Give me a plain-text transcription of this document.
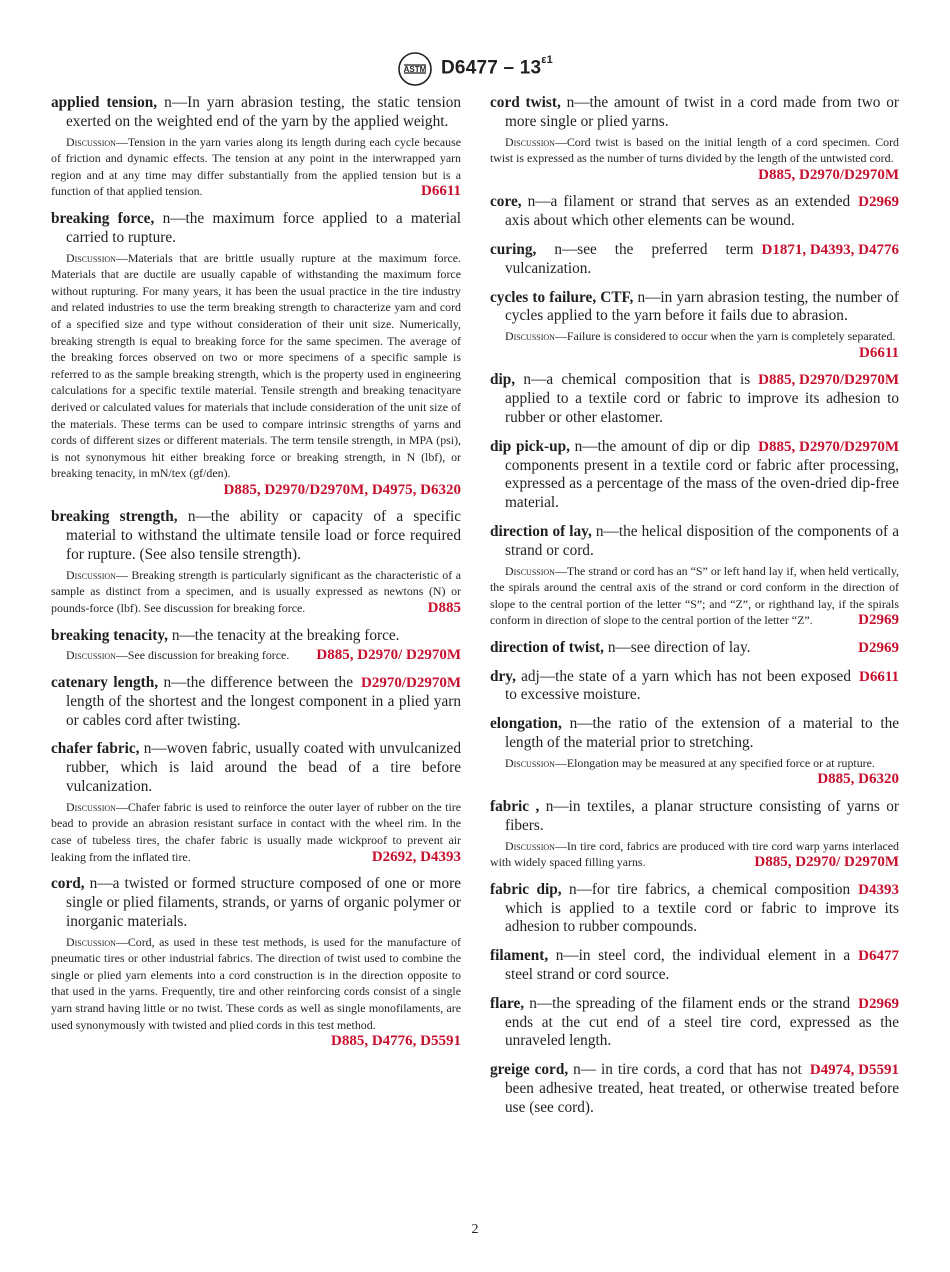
ASTM $D6477 - 13^{\varepsilon 1}$

applied tension, n—In yarn abrasion testing, the static tension exerted on the weighted end of the yarn by the applied weight.

Discussion—Tension in the yarn varies along its length during each cycle because of friction and dynamic effects. The tension at any point in the interwrapped yarn region and at any time may differ substantially from the applied tension but is a function of that applied tension.	D6611

breaking force, n—the maximum force applied to a material carried to rupture.

Discussion—Materials that are brittle usually rupture at the maximum force. Materials that are ductile are usually capable of withstanding the maximum force without rupturing. For many years, it has been the usual practice in the tire industry and related industries to use the term breaking strength to characterize yarn and cord of a specified size and type without consideration of their unit size. Numerically, breaking strength is equal to breaking force for the same specimen. The average of the breaking forces observed on two or more specimens of a specific sample is referred to as the sample breaking strength, which is the property used in engineering calculations for a specific textile material. Tensile strength and breaking tenacityare derived or calculated values for materials that include consideration of the unit size of the materials. These terms can be used to compare intrinsic strengths of yarns and cords of different sizes or different materials. The term tensile strength, in MPA (psi), is not synonymous hit either breaking force or breaking strength, in N (lbf), or breaking tenacity, in mN/tex (gf/den).
D885, D2970/D2970M, D4975, D6320

breaking strength, n—the ability or capacity of a specific material to withstand the ultimate tensile load or force required for rupture. (See also tensile strength).

Discussion— Breaking strength is particularly significant as the characteristic of a sample as distinct from a specimen, and is usually expressed as newtons (N) or pounds-force (lbf). See discussion for breaking force.	D885

breaking tenacity, n—the tenacity at the breaking force.

Discussion—See discussion for breaking force. D885, D2970/ D2970M

catenary length,	D2970/D2970M
n—the difference between the length of the shortest and the longest component in a plied yarn or cables cord after twisting.

chafer fabric, n—woven fabric, usually coated with unvulcanized rubber, which is laid around the bead of a tire before vulcanization.

Discussion—Chafer fabric is used to reinforce the outer layer of rubber on the tire bead to provide an abrasion resistant surface in contact with the wheel rim. In the case of tubeless tires, the chafer fabric is usually made wickproof to prevent air leaking from the inflated tire.	D2692, D4393

cord, n—a twisted or formed structure composed of one or more single or plied filaments, strands, or yarns of organic polymer or inorganic materials.

Discussion—Cord, as used in these test methods, is used for the manufacture of pneumatic tires or other industrial fabrics. The direction of twist used to combine the single or plied yarn elements into a cord construction is in the direction opposite to that used in the yarns. Frequently, tire and other reinforcing cords consist of a single yarn strand having little or no twist. These cords as well as single monofilaments, are used synonymously with twisted and plied cords in this test method.
D885, D4776, D5591

cord twist, n—the amount of twist in a cord made from two or more single or plied yarns.

Discussion—Cord twist is based on the initial length of a cord specimen. Cord twist is expressed as the number of turns divided by the length of the untwisted cord.
D885, D2970/D2970M

core,	D2969
n—a filament or strand that serves as an extended axis about which other elements can be wound.

curing,	D1871, D4393, D4776
n—see the preferred term vulcanization.

cycles to failure, CTF, n—in yarn abrasion testing, the number of cycles applied to the yarn before it fails due to abrasion.

Discussion—Failure is considered to occur when the yarn is completely separated.
D6611

dip,	D885, D2970/D2970M
n—a chemical composition that is applied to a textile cord or fabric to improve its adhesion to rubber or other elastomer.

dip pick-up,	D885, D2970/D2970M
n—the amount of dip or dip components present in a textile cord or fabric after processing, expressed as a percentage of the mass of the oven-dried dip-free material.

direction of lay, n—the helical disposition of the components of a strand or cord.

Discussion—The strand or cord has an “S” or left hand lay if, when held vertically, the spirals around the central axis of the strand or cord conform in the direction of slope to the central portion of the letter “S”; and “Z”, or righthand lay, if the spirals conform in direction of slope to the central portion of the letter “Z”.	D2969

direction of twist,	D2969
n—see direction of lay.

dry,	D6611
adj—the state of a yarn which has not been exposed to excessive moisture.

elongation, n—the ratio of the extension of a material to the length of the material prior to stretching.

Discussion—Elongation may be measured at any specified force or at rupture.
D885, D6320

fabric , n—in textiles, a planar structure consisting of yarns or fibers.

Discussion—In tire cord, fabrics are produced with tire cord warp yarns interlaced with widely spaced filling yarns.	D885, D2970/ D2970M

fabric dip,	D4393
n—for tire fabrics, a chemical composition which is applied to a textile cord or fabric to improve its adhesion to rubber compounds.

filament,	D6477
n—in steel cord, the individual element in a steel strand or cord source.

flare,	D2969
n—the spreading of the filament ends or the strand ends at the cut end of a steel tire cord, expressed as the unraveled length.

greige cord,	D4974, D5591
n— in tire cords, a cord that has not been adhesive treated, heat treated, or otherwise treated before use (see cord).

2
